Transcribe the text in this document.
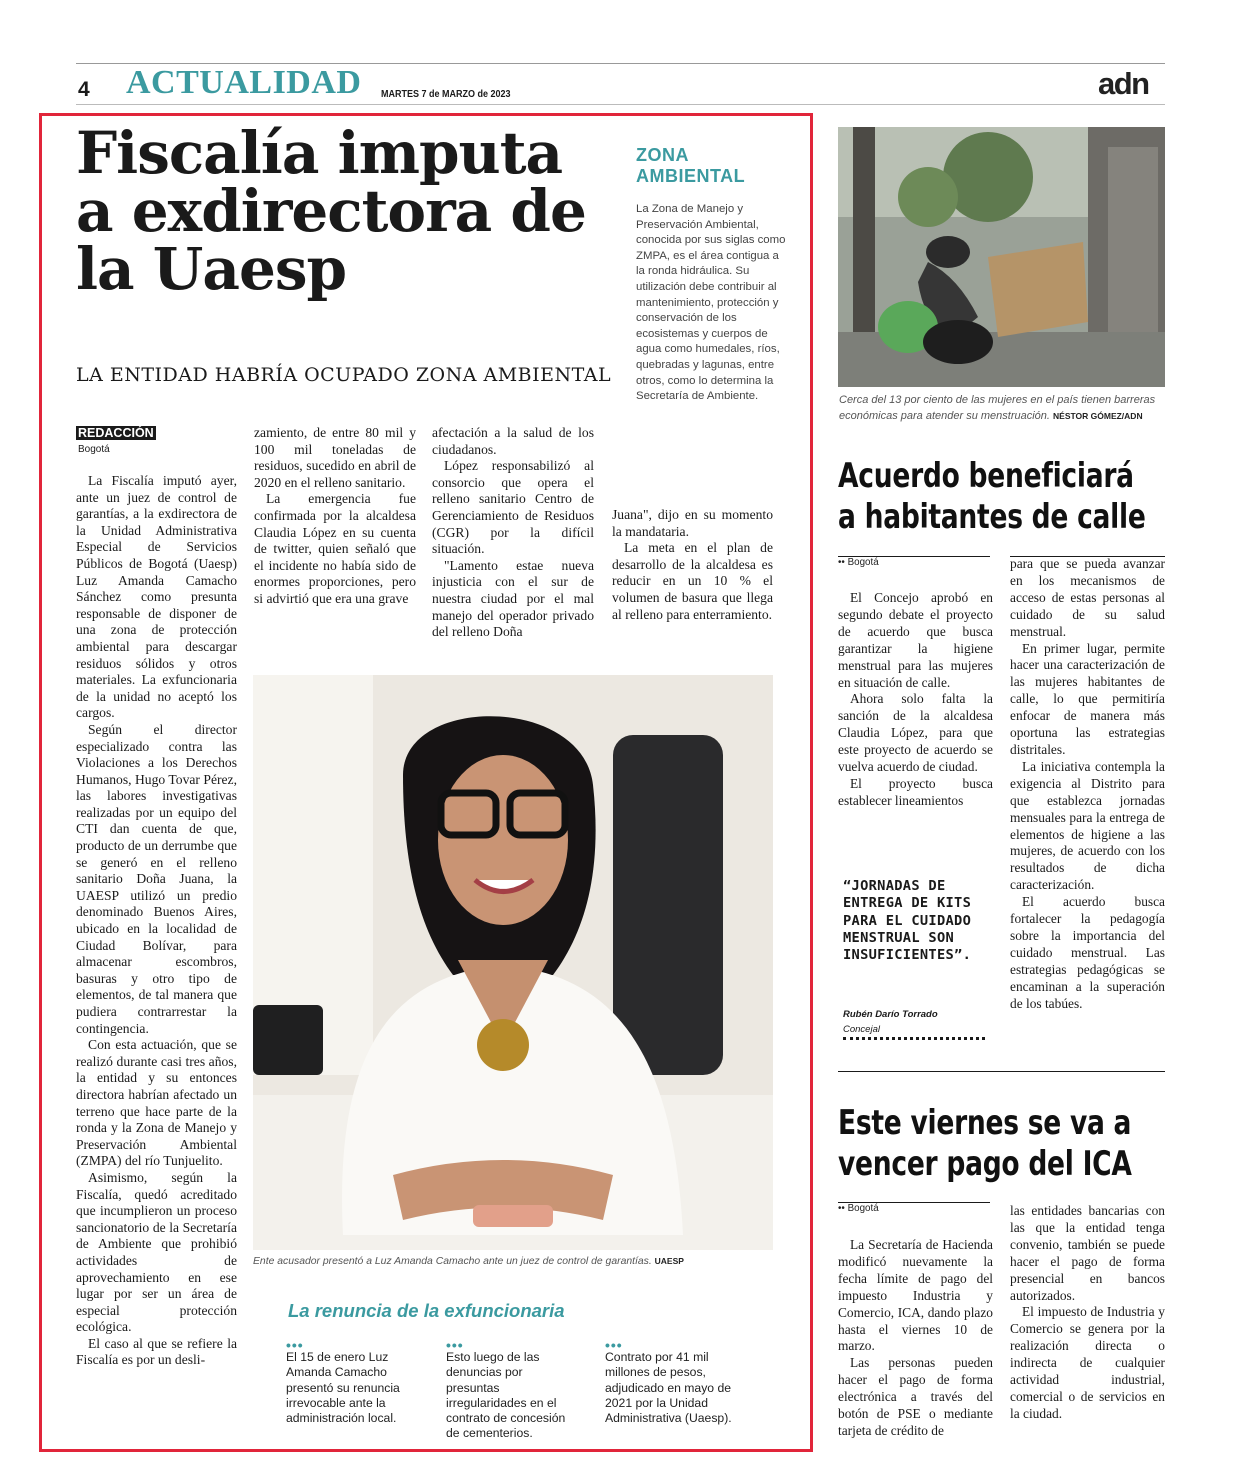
4 ACTUALIDAD MARTES 7 de MARZO de 2023	adn
Fiscalía imputa a exdirectora de la Uaesp
LA ENTIDAD HABRÍA OCUPADO ZONA AMBIENTAL
REDACCIÓN
Bogotá
ZONA AMBIENTAL

La Zona de Manejo y Preservación Ambiental, conocida por sus siglas como ZMPA, es el área contigua a la ronda hidráulica. Su utilización debe contribuir al mantenimiento, protección y conservación de los ecosistemas y cuerpos de agua como humedales, ríos, quebradas y lagunas, entre otros, como lo determina la Secretaría de Ambiente.

La Fiscalía imputó ayer, ante un juez de control de garantías, a la exdirectora de la Unidad Administrativa Especial de Servicios Públicos de Bogotá (Uaesp) Luz Amanda Camacho Sánchez como presunta responsable de disponer de una zona de protección ambiental para descargar residuos sólidos y otros materiales. La exfuncionaria de la unidad no aceptó los cargos.

Según el director especializado contra las Violaciones a los Derechos Humanos, Hugo Tovar Pérez, las labores investigativas realizadas por un equipo del CTI dan cuenta de que, producto de un derrumbe que se generó en el relleno sanitario Doña Juana, la UAESP utilizó un predio denominado Buenos Aires, ubicado en la localidad de Ciudad Bolívar, para almacenar escombros, basuras y otro tipo de elementos, de tal manera que pudiera contrarrestar la contingencia.

Con esta actuación, que se realizó durante casi tres años, la entidad y su entonces directora habrían afectado un terreno que hace parte de la ronda y la Zona de Manejo y Preservación Ambiental (ZMPA) del río Tunjuelito.

Asimismo, según la Fiscalía, quedó acreditado que incumplieron un proceso sancionatorio de la Secretaría de Ambiente que prohibió actividades de aprovechamiento en ese lugar por ser un área de especial protección ecológica.

El caso al que se refiere la Fiscalía es por un desli-

zamiento, de entre 80 mil y 100 mil toneladas de residuos, sucedido en abril de 2020 en el relleno sanitario.

La emergencia fue confirmada por la alcaldesa Claudia López en su cuenta de twitter, quien señaló que el incidente no había sido de enormes proporciones, pero si advirtió que era una grave

afectación a la salud de los ciudadanos.

López responsabilizó al consorcio que opera el relleno sanitario Centro de Gerenciamiento de Residuos (CGR) por la difícil situación.

"Lamento estae nueva injusticia con el sur de nuestra ciudad por el mal manejo del operador privado del relleno Doña

Juana", dijo en su momento la mandataria.

La meta en el plan de desarrollo de la alcaldesa es reducir en un 10 % el volumen de basura que llega al relleno para enterramiento.

Ente acusador presentó a Luz Amanda Camacho ante un juez de control de garantías. UAESP
La renuncia de la exfuncionaria
•••

El 15 de enero Luz Amanda Camacho presentó su renuncia irrevocable ante la administración local.

•••

Esto luego de las denuncias por presuntas irregularidades en el contrato de concesión de cementerios.

•••

Contrato por 41 mil millones de pesos, adjudicado en mayo de 2021 por la Unidad Administrativa (Uaesp).

Cerca del 13 por ciento de las mujeres en el país tienen barreras económicas para atender su menstruación. NÉSTOR GÓMEZ/ADN

Acuerdo beneficiará a habitantes de calle
•• Bogotá

El Concejo aprobó en segundo debate el proyecto de acuerdo que busca garantizar la higiene menstrual para las mujeres en situación de calle.

Ahora solo falta la sanción de la alcaldesa Claudia López, para que este proyecto de acuerdo se vuelva acuerdo de ciudad.

El proyecto busca establecer lineamientos

para que se pueda avanzar en los mecanismos de acceso de estas personas al cuidado de su salud menstrual.

En primer lugar, permite hacer una caracterización de las mujeres habitantes de calle, lo que permitiría enfocar de manera más oportuna las estrategias distritales.

La iniciativa contempla la exigencia al Distrito para que establezca jornadas mensuales para la entrega de elementos de higiene a las mujeres, de acuerdo con los resultados de dicha caracterización.

El acuerdo busca fortalecer la pedagogía sobre la importancia del cuidado menstrual. Las estrategias pedagógicas se encaminan a la superación de los tabúes.

“JORNADAS DE ENTREGA DE KITS PARA EL CUIDADO MENSTRUAL SON INSUFICIENTES”.

Rubén Darío Torrado
Concejal
Este viernes se va a vencer pago del ICA
•• Bogotá

La Secretaría de Hacienda modificó nuevamente la fecha límite de pago del impuesto Industria y Comercio, ICA, dando plazo hasta el viernes 10 de marzo.

Las personas pueden hacer el pago de forma electrónica a través del botón de PSE o mediante tarjeta de crédito de

las entidades bancarias con las que la entidad tenga convenio, también se puede hacer el pago de forma presencial en bancos autorizados.

El impuesto de Industria y Comercio se genera por la realización directa o indirecta de cualquier actividad industrial, comercial o de servicios en la ciudad.
